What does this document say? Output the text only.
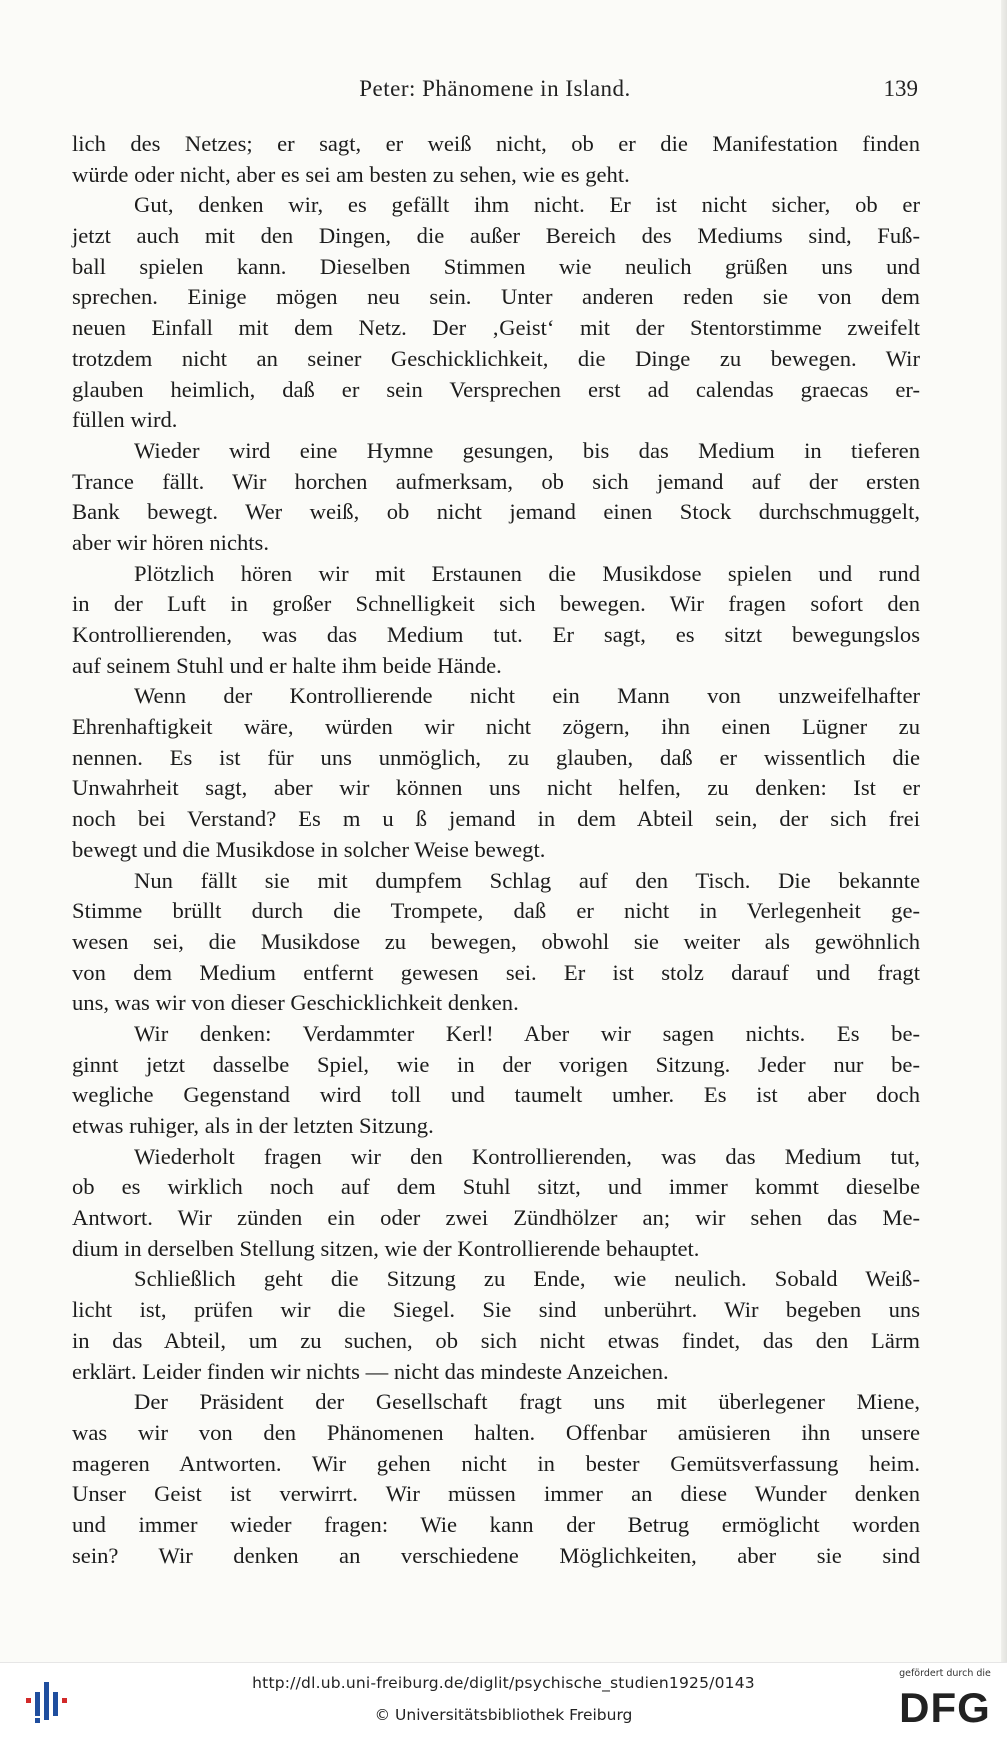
Peter: Phänomene in Island.	139
lich des Netzes; er sagt, er weiß nicht, ob er die Manifestation finden
würde oder nicht, aber es sei am besten zu sehen, wie es geht.
Gut, denken wir, es gefällt ihm nicht. Er ist nicht sicher, ob er
jetzt auch mit den Dingen, die außer Bereich des Mediums sind, Fuß-
ball spielen kann. Dieselben Stimmen wie neulich grüßen uns und
sprechen. Einige mögen neu sein. Unter anderen reden sie von dem
neuen Einfall mit dem Netz. Der ‚Geist‘ mit der Stentorstimme zweifelt
trotzdem nicht an seiner Geschicklichkeit, die Dinge zu bewegen. Wir
glauben heimlich, daß er sein Versprechen erst ad calendas graecas er-
füllen wird.
Wieder wird eine Hymne gesungen, bis das Medium in tieferen
Trance fällt. Wir horchen aufmerksam, ob sich jemand auf der ersten
Bank bewegt. Wer weiß, ob nicht jemand einen Stock durchschmuggelt,
aber wir hören nichts.
Plötzlich hören wir mit Erstaunen die Musikdose spielen und rund
in der Luft in großer Schnelligkeit sich bewegen. Wir fragen sofort den
Kontrollierenden, was das Medium tut. Er sagt, es sitzt bewegungslos
auf seinem Stuhl und er halte ihm beide Hände.
Wenn der Kontrollierende nicht ein Mann von unzweifelhafter
Ehrenhaftigkeit wäre, würden wir nicht zögern, ihn einen Lügner zu
nennen. Es ist für uns unmöglich, zu glauben, daß er wissentlich die
Unwahrheit sagt, aber wir können uns nicht helfen, zu denken: Ist er
noch bei Verstand? Es m u ß jemand in dem Abteil sein, der sich frei
bewegt und die Musikdose in solcher Weise bewegt.
Nun fällt sie mit dumpfem Schlag auf den Tisch. Die bekannte
Stimme brüllt durch die Trompete, daß er nicht in Verlegenheit ge-
wesen sei, die Musikdose zu bewegen, obwohl sie weiter als gewöhnlich
von dem Medium entfernt gewesen sei. Er ist stolz darauf und fragt
uns, was wir von dieser Geschicklichkeit denken.
Wir denken: Verdammter Kerl! Aber wir sagen nichts. Es be-
ginnt jetzt dasselbe Spiel, wie in der vorigen Sitzung. Jeder nur be-
wegliche Gegenstand wird toll und taumelt umher. Es ist aber doch
etwas ruhiger, als in der letzten Sitzung.
Wiederholt fragen wir den Kontrollierenden, was das Medium tut,
ob es wirklich noch auf dem Stuhl sitzt, und immer kommt dieselbe
Antwort. Wir zünden ein oder zwei Zündhölzer an; wir sehen das Me-
dium in derselben Stellung sitzen, wie der Kontrollierende behauptet.
Schließlich geht die Sitzung zu Ende, wie neulich. Sobald Weiß-
licht ist, prüfen wir die Siegel. Sie sind unberührt. Wir begeben uns
in das Abteil, um zu suchen, ob sich nicht etwas findet, das den Lärm
erklärt. Leider finden wir nichts — nicht das mindeste Anzeichen.
Der Präsident der Gesellschaft fragt uns mit überlegener Miene,
was wir von den Phänomenen halten. Offenbar amüsieren ihn unsere
mageren Antworten. Wir gehen nicht in bester Gemütsverfassung heim.
Unser Geist ist verwirrt. Wir müssen immer an diese Wunder denken
und immer wieder fragen: Wie kann der Betrug ermöglicht worden
sein? Wir denken an verschiedene Möglichkeiten, aber sie sind
http://dl.ub.uni-freiburg.de/diglit/psychische_studien1925/0143
© Universitätsbibliothek Freiburg
gefördert durch die
DFG
